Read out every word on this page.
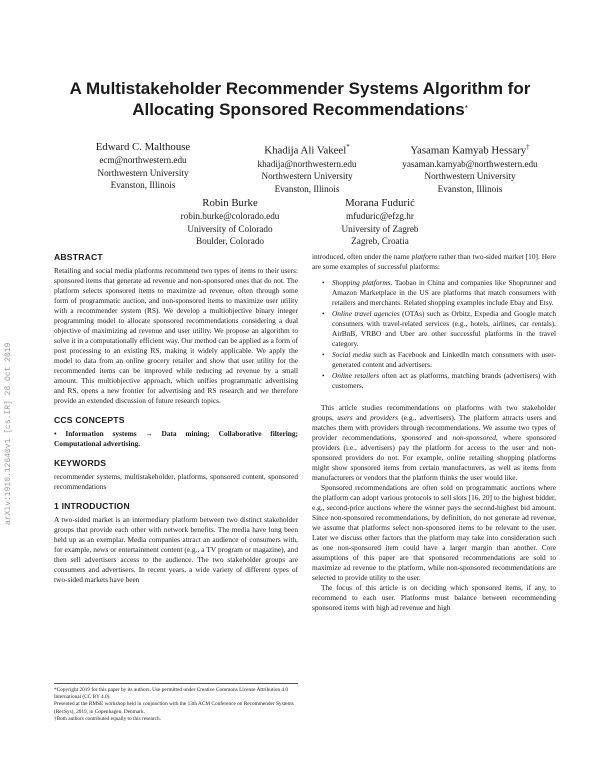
arXiv:1910.12640v1 [cs.IR] 28 Oct 2019
A Multistakeholder Recommender Systems Algorithm for
Allocating Sponsored Recommendations*
Edward C. Malthouse
ecm@northwestern.edu
Northwestern University
Evanston, Illinois
Khadija Ali Vakeel*
khadija@northwestern.edu
Northwestern University
Evanston, Illinois
Yasaman Kamyab Hessary†
yasaman.kamyab@northwestern.edu
Northwestern University
Evanston, Illinois
Robin Burke
robin.burke@colorado.edu
University of Colorado
Boulder, Colorado
Morana Fudurić
mfuduric@efzg.hr
University of Zagreb
Zagreb, Croatia
ABSTRACT

Retailing and social media platforms recommend two types of items to their users: sponsored items that generate ad revenue and non-sponsored ones that do not. The platform selects sponsored items to maximize ad revenue, often through some form of programmatic auction, and non-sponsored items to maximize user utility with a recommender system (RS). We develop a multiobjective binary integer programming model to allocate sponsored recommendations considering a dual objective of maximizing ad revenue and user utility. We propose an algorithm to solve it in a computationally efficient way. Our method can be applied as a form of post processing to an existing RS, making it widely applicable. We apply the model to data from an online grocery retailer and show that user utility for the recommended items can be improved while reducing ad revenue by a small amount. This multiobjective approach, which unifies programmatic advertising and RS, opens a new frontier for advertising and RS research and we therefore provide an extended discussion of future research topics.

CCS CONCEPTS

• Information systems → Data mining; Collaborative filtering; Computational advertising.

KEYWORDS

recommender systems, multistakeholder, platforms, sponsored content, sponsored recommendations

1 INTRODUCTION

A two-sided market is an intermediary platform between two distinct stakeholder groups that provide each other with network benefits. The media have long been held up as an exemplar. Media companies attract an audience of consumers with, for example, news or entertainment content (e.g., a TV program or magazine), and then sell advertisers access to the audience. The two stakeholder groups are consumers and advertisers. In recent years, a wide variety of different types of two-sided markets have been

*Copyright 2019 for this paper by its authors. Use permitted under Creative Commons License Attribution 4.0 International (CC BY 4.0).

Presented at the RMSE workshop held in conjunction with the 13th ACM Conference on Recommender Systems (RecSys), 2019, in Copenhagen, Denmark.

†Both authors contributed equally to this research.

introduced, often under the name platform rather than two-sided market [10]. Here are some examples of successful platforms:

• Shopping platforms. Taobao in China and companies like Shoprunner and Amazon Marketplace in the US are platforms that match consumers with retailers and merchants. Related shopping examples include Ebay and Etsy.
• Online travel agencies (OTAs) such as Orbitz, Expedia and Google match consumers with travel-related services (e.g., hotels, airlines, car rentals). AirBnB, VRBO and Uber are other successful platforms in the travel category.
• Social media such as Facebook and LinkedIn match consumers with user-generated content and advertisers.
• Online retailers often act as platforms, matching brands (advertisers) with customers.

This article studies recommendations on platforms with two stakeholder groups, users and providers (e.g., advertisers). The platform attracts users and matches them with providers through recommendations. We assume two types of provider recommendations, sponsored and non-sponsored, where sponsored providers (i.e., advertisers) pay the platform for access to the user and non-sponsored providers do not. For example, online retailing shopping platforms might show sponsored items from certain manufacturers, as well as items from manufacturers or vendors that the platform thinks the user would like.

Sponsored recommendations are often sold on programmatic auctions where the platform can adopt various protocols to sell slots [16, 20] to the highest bidder, e.g., second-price auctions where the winner pays the second-highest bid amount. Since non-sponsored recommendations, by definition, do not generate ad revenue, we assume that platforms select non-sponsored items to be relevant to the user. Later we discuss other factors that the platform may take into consideration such as one non-sponsored item could have a larger margin than another. Core assumptions of this paper are that sponsored recommendations are sold to maximize ad revenue to the platform, while non-sponsored recommendations are selected to provide utility to the user.

The focus of this article is on deciding which sponsored items, if any, to recommend to each user. Platforms must balance between recommending sponsored items with high ad revenue and high
